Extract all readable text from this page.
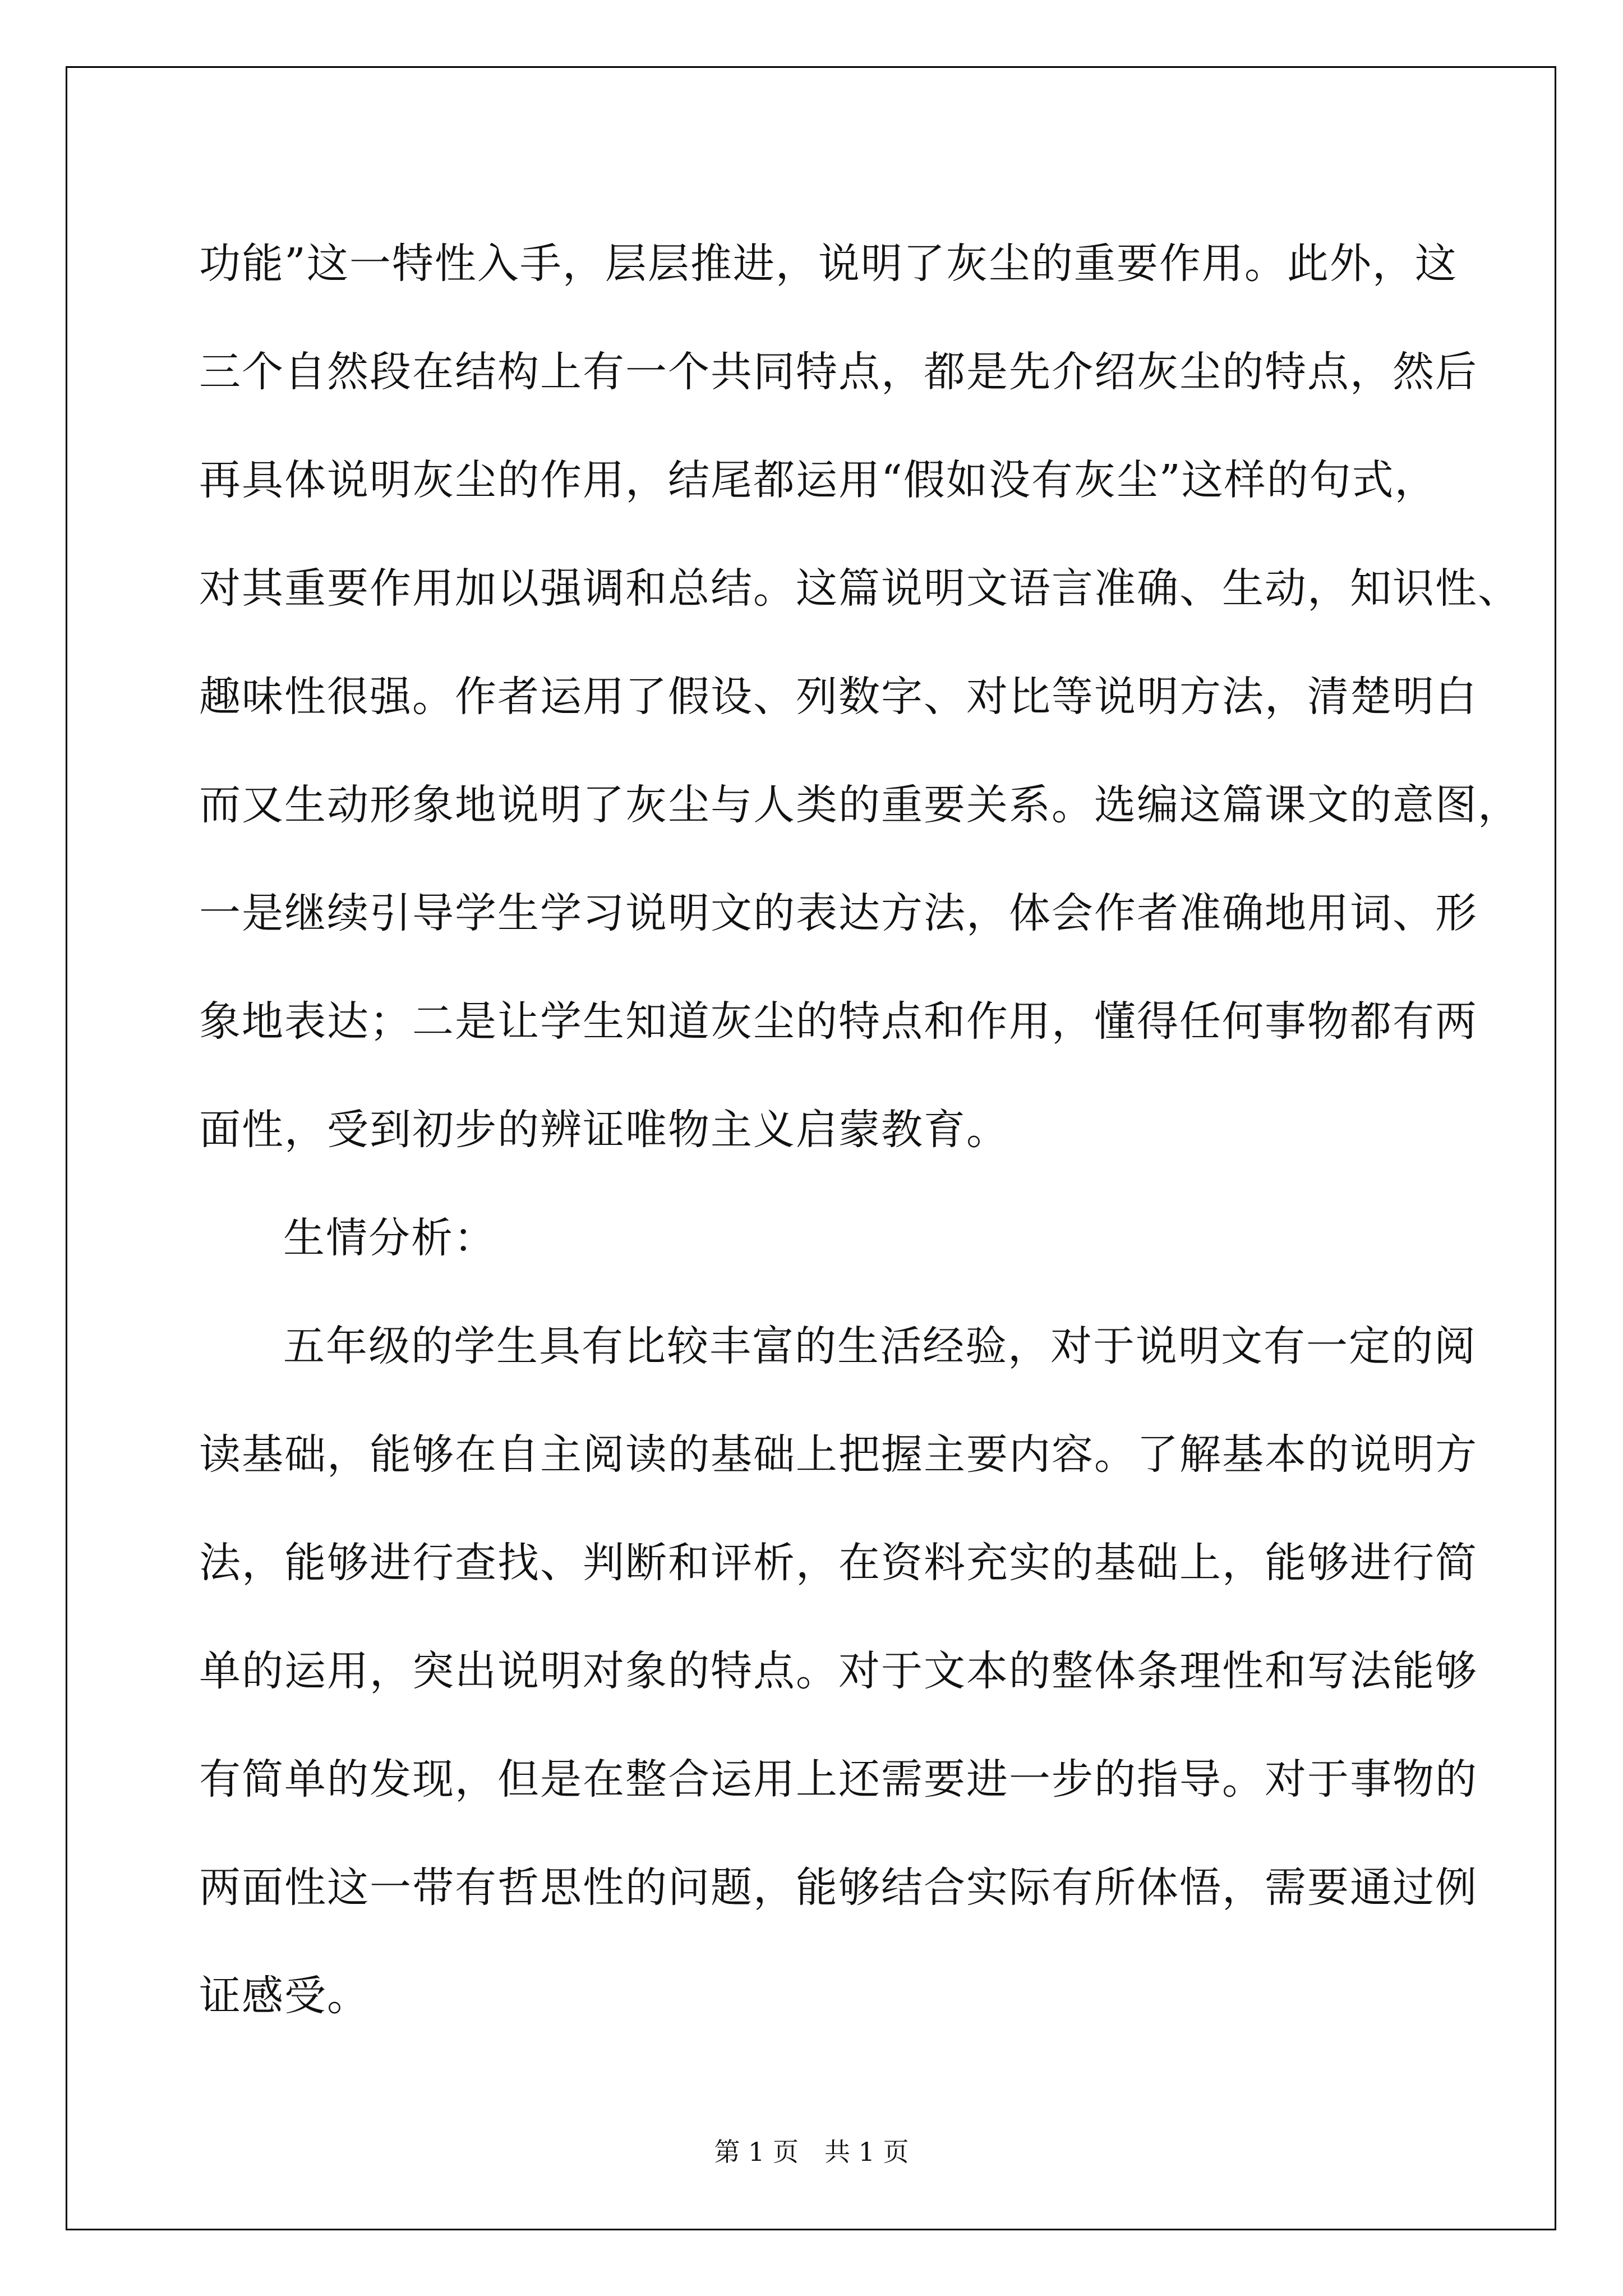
功能”这一特性入手，层层推进，说明了灰尘的重要作用。此外，这
三个自然段在结构上有一个共同特点，都是先介绍灰尘的特点，然后
再具体说明灰尘的作用，结尾都运用“假如没有灰尘”这样的句式，
对其重要作用加以强调和总结。这篇说明文语言准确、生动，知识性、
趣味性很强。作者运用了假设、列数字、对比等说明方法，清楚明白
而又生动形象地说明了灰尘与人类的重要关系。选编这篇课文的意图，
一是继续引导学生学习说明文的表达方法，体会作者准确地用词、形
象地表达；二是让学生知道灰尘的特点和作用，懂得任何事物都有两
面性，受到初步的辨证唯物主义启蒙教育。
生情分析：
五年级的学生具有比较丰富的生活经验，对于说明文有一定的阅
读基础，能够在自主阅读的基础上把握主要内容。了解基本的说明方
法，能够进行查找、判断和评析，在资料充实的基础上，能够进行简
单的运用，突出说明对象的特点。对于文本的整体条理性和写法能够
有简单的发现，但是在整合运用上还需要进一步的指导。对于事物的
两面性这一带有哲思性的问题，能够结合实际有所体悟，需要通过例
证感受。
第 1 页　共 1 页
